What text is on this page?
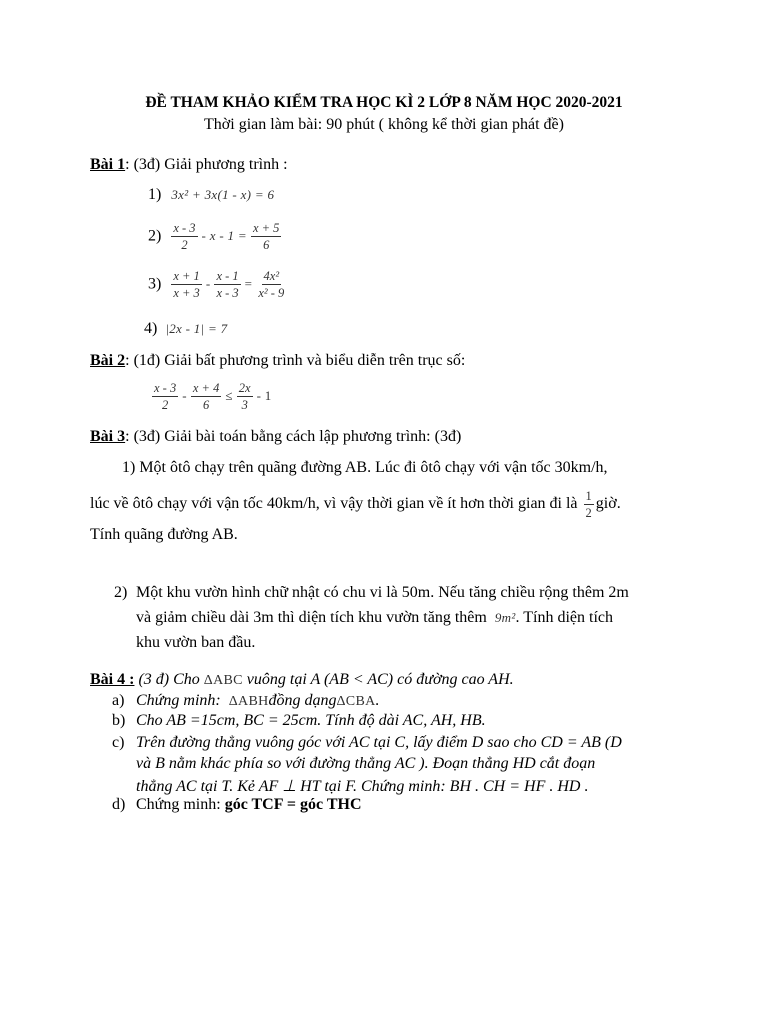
ĐỀ THAM KHẢO KIỂM TRA HỌC KÌ 2 LỚP 8 NĂM HỌC 2020-2021
Thời gian làm bài: 90 phút ( không kể thời gian phát đề)
Bài 1: (3đ) Giải phương trình :
1) 3x² + 3x(1 - x) = 6
$2) \frac{x - 3}{2} - x - 1 = \frac{x + 5}{6}$
$3) \frac{x + 1}{x + 3} - \frac{x - 1}{x - 3} = \frac{\text{4x²}}{\text{x² - 9}}$
4) |2x - 1| = 7
Bài 2: (1đ) Giải bất phương trình và biểu diễn trên trục số:
$\frac{x - 3}{2} - \frac{x + 4}{6} \le \frac{2x}{3} - 1$
Bài 3: (3đ) Giải bài toán bằng cách lập phương trình: (3đ)
1) Một ôtô chạy trên quãng đường AB. Lúc đi ôtô chạy với vận tốc 30km/h,
lúc về ôtô chạy với vận tốc 40km/h, vì vậy thời gian về ít hơn thời gian đi là $\frac{1}{2}$ giờ.
Tính quãng đường AB.
2) Một khu vườn hình chữ nhật có chu vi là 50m. Nếu tăng chiều rộng thêm 2m
và giảm chiều dài 3m thì diện tích khu vườn tăng thêm 9m². Tính diện tích
khu vườn ban đầu.
Bài 4 : (3 đ) Cho ΔABC vuông tại A (AB < AC) có đường cao AH.
a) Chứng minh: ΔABHđồng dạngΔCBA.
b) Cho AB =15cm, BC = 25cm. Tính độ dài AC, AH, HB.
c) Trên đường thẳng vuông góc với AC tại C, lấy điểm D sao cho CD = AB (D
và B nằm khác phía so với đường thẳng AC ). Đoạn thẳng HD cắt đoạn
thẳng AC tại T. Kẻ AF ⊥ HT tại F. Chứng minh: BH . CH = HF . HD .
d) Chứng minh: góc TCF = góc THC
